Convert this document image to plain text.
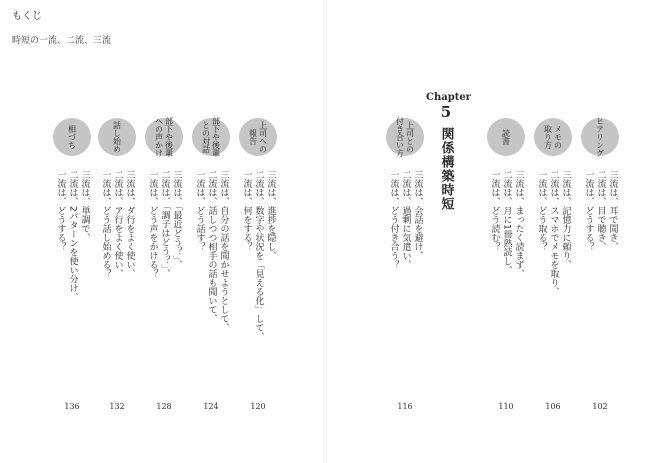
もくじ
時短の一流、二流、三流
Chapter
5
関係構築時短	ヒアリング
三流は、耳で聞き、
二流は、目で聴き、
一流は、どうする？
102
メモの
取り方
三流は、記憶力に頼り、
二流は、スマホでメモを取り、
一流は、どう取る？
106
読書
三流は、まったく読まず、
二流は、月に1冊熟読し、
一流は、どう読む？
110
上司との
付き合い方
三流は、会話を避け、
二流は、過剰に気遣い、
一流は、どう付き合う？
116
上司への
報告
三流は、進捗を隠し、
二流は、数字や状況を「見える化」して、
一流は、何をする？
120
部下や後輩
との対話
三流は、自分の話を聞かせようとして、
二流は、話しつつ相手の話も聞いて、
一流は、どう話す？
124
部下や後輩
への声かけ
三流は、「最近どう？」、
二流は、「調子はどう？」、
一流は、どう声をかける？
128
話し始め
三流は、ダ行をよく使い、
二流は、ア行をよく使い、
一流は、どう話し始める？
132
相づち
三流は、単調で、
二流は、2パターンを使い分け、
一流は、どうする？
136
